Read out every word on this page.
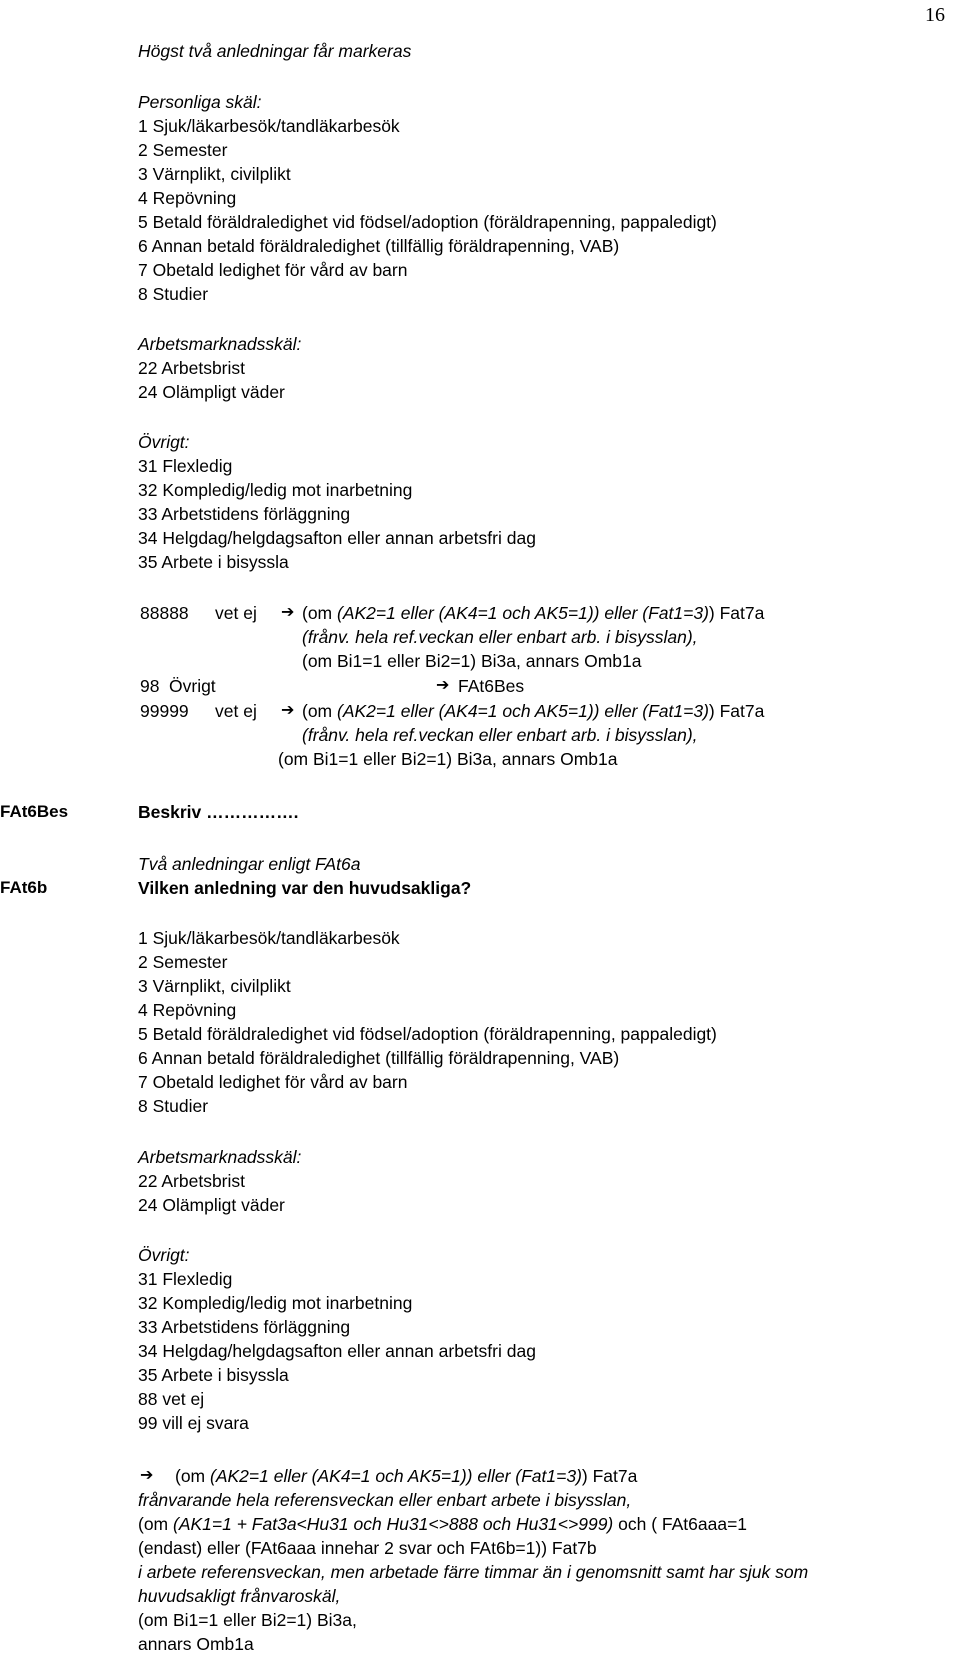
16
Högst två anledningar får markeras
Personliga skäl:
1 Sjuk/läkarbesök/tandläkarbesök
2 Semester
3 Värnplikt, civilplikt
4 Repövning
5 Betald föräldraledighet vid födsel/adoption (föräldrapenning, pappaledigt)
6 Annan betald föräldraledighet (tillfällig föräldrapenning, VAB)
7 Obetald ledighet för vård av barn
8 Studier
Arbetsmarknadsskäl:
22 Arbetsbrist
24 Olämpligt väder
Övrigt:
31 Flexledig
32 Kompledig/ledig mot inarbetning
33 Arbetstidens förläggning
34 Helgdag/helgdagsafton eller annan arbetsfri dag
35 Arbete i bisyssla
88888 vet ej ➔ (om (AK2=1 eller (AK4=1 och AK5=1)) eller (Fat1=3)) Fat7a
(frånv. hela ref.veckan eller enbart arb. i bisysslan),
(om Bi1=1 eller Bi2=1) Bi3a, annars Omb1a
98 Övrigt	➔ FAt6Bes
99999 vet ej ➔ (om (AK2=1 eller (AK4=1 och AK5=1)) eller (Fat1=3)) Fat7a
(frånv. hela ref.veckan eller enbart arb. i bisysslan),
(om Bi1=1 eller Bi2=1) Bi3a, annars Omb1a
FAt6Bes	Beskriv …………….
Två anledningar enligt FAt6a
FAt6b	Vilken anledning var den huvudsakliga?
1 Sjuk/läkarbesök/tandläkarbesök
2 Semester
3 Värnplikt, civilplikt
4 Repövning
5 Betald föräldraledighet vid födsel/adoption (föräldrapenning, pappaledigt)
6 Annan betald föräldraledighet (tillfällig föräldrapenning, VAB)
7 Obetald ledighet för vård av barn
8 Studier
Arbetsmarknadsskäl:
22 Arbetsbrist
24 Olämpligt väder
Övrigt:
31 Flexledig
32 Kompledig/ledig mot inarbetning
33 Arbetstidens förläggning
34 Helgdag/helgdagsafton eller annan arbetsfri dag
35 Arbete i bisyssla
88 vet ej
99 vill ej svara
➔ (om (AK2=1 eller (AK4=1 och AK5=1)) eller (Fat1=3)) Fat7a
frånvarande hela referensveckan eller enbart arbete i bisysslan,
(om (AK1=1 + Fat3a<Hu31 och Hu31<>888 och Hu31<>999) och ( FAt6aaa=1
(endast) eller (FAt6aaa innehar 2 svar och FAt6b=1)) Fat7b
i arbete referensveckan, men arbetade färre timmar än i genomsnitt samt har sjuk som
huvudsakligt frånvaroskäl,
(om Bi1=1 eller Bi2=1) Bi3a,
annars Omb1a
